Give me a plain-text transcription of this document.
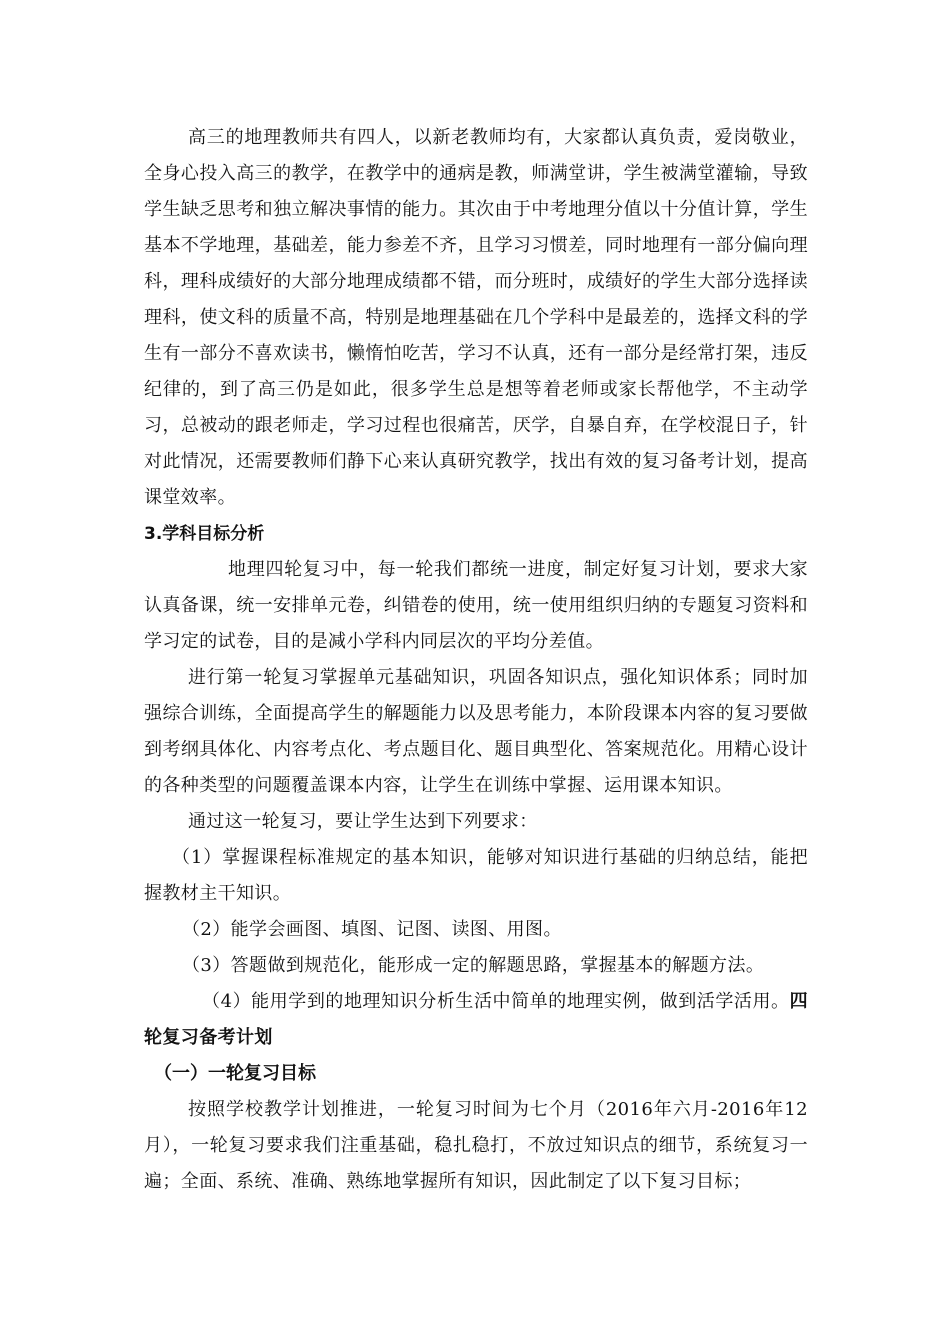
高三的地理教师共有四人，以新老教师均有，大家都认真负责，爱岗敬业，全身心投入高三的教学，在教学中的通病是教，师满堂讲，学生被满堂灌输，导致学生缺乏思考和独立解决事情的能力。其次由于中考地理分值以十分值计算，学生基本不学地理，基础差，能力参差不齐，且学习习惯差，同时地理有一部分偏向理科，理科成绩好的大部分地理成绩都不错，而分班时，成绩好的学生大部分选择读理科，使文科的质量不高，特别是地理基础在几个学科中是最差的，选择文科的学生有一部分不喜欢读书，懒惰怕吃苦，学习不认真，还有一部分是经常打架，违反纪律的，到了高三仍是如此，很多学生总是想等着老师或家长帮他学，不主动学习，总被动的跟老师走，学习过程也很痛苦，厌学，自暴自弃，在学校混日子，针对此情况，还需要教师们静下心来认真研究教学，找出有效的复习备考计划，提高课堂效率。

3.学科目标分析

地理四轮复习中，每一轮我们都统一进度，制定好复习计划，要求大家认真备课，统一安排单元卷，纠错卷的使用，统一使用组织归纳的专题复习资料和学习定的试卷，目的是减小学科内同层次的平均分差值。

进行第一轮复习掌握单元基础知识，巩固各知识点，强化知识体系；同时加强综合训练，全面提高学生的解题能力以及思考能力，本阶段课本内容的复习要做到考纲具体化、内容考点化、考点题目化、题目典型化、答案规范化。用精心设计的各种类型的问题覆盖课本内容，让学生在训练中掌握、运用课本知识。

通过这一轮复习，要让学生达到下列要求：

（1）掌握课程标准规定的基本知识，能够对知识进行基础的归纳总结，能把握教材主干知识。

（2）能学会画图、填图、记图、读图、用图。

（3）答题做到规范化，能形成一定的解题思路，掌握基本的解题方法。

（4）能用学到的地理知识分析生活中简单的地理实例，做到活学活用。四轮复习备考计划

（一）一轮复习目标

按照学校教学计划推进，一轮复习时间为七个月（2016年六月-2016年12月），一轮复习要求我们注重基础，稳扎稳打，不放过知识点的细节，系统复习一遍；全面、系统、准确、熟练地掌握所有知识，因此制定了以下复习目标；
